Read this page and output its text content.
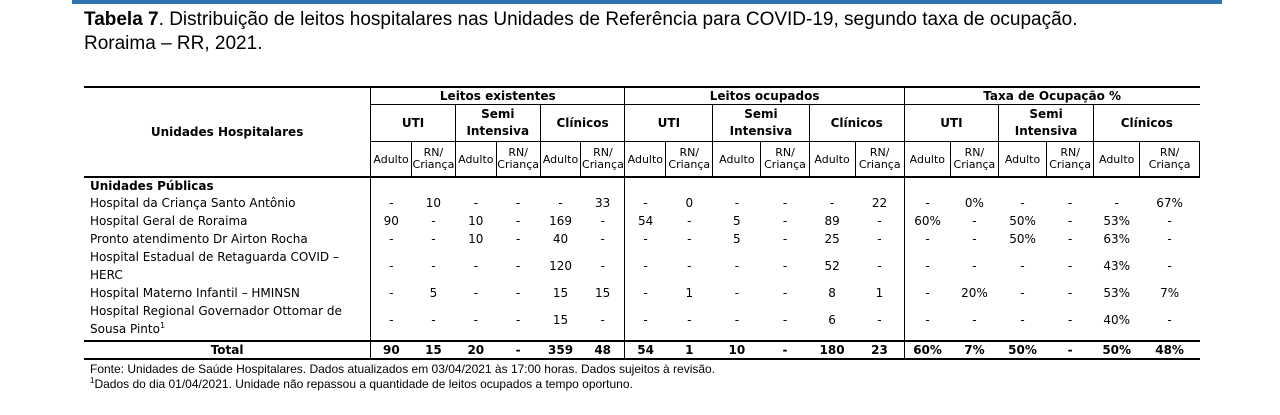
Tabela 7. Distribuição de leitos hospitalares nas Unidades de Referência para COVID-19, segundo taxa de ocupação.
Roraima – RR, 2021.
Unidades Hospitalares	Leitos existentes						Leitos ocupados						Taxa de Ocupação %					
	UTI		Semi Intensiva		Clínicos		UTI		Semi Intensiva		Clínicos		UTI		Semi Intensiva		Clínicos	
	Adulto	RN/ Criança	Adulto	RN/ Criança	Adulto	RN/ Criança	Adulto	RN/ Criança	Adulto	RN/ Criança	Adulto	RN/ Criança	Adulto	RN/ Criança	Adulto	RN/ Criança	Adulto	RN/ Criança
Unidades Públicas																		
Hospital da Criança Santo Antônio	-	10	-	-	-	33	-	0	-	-	-	22	-	0%	-	-	-	67%
Hospital Geral de Roraima	90	-	10	-	169	-	54	-	5	-	89	-	60%	-	50%	-	53%	-
Pronto atendimento Dr Airton Rocha	-	-	10	-	40	-	-	-	5	-	25	-	-	-	50%	-	63%	-
Hospital Estadual de Retaguarda COVID –
HERC	-	-	-	-	120	-	-	-	-	-	52	-	-	-	-	-	43%	-
Hospital Materno Infantil – HMINSN	-	5	-	-	15	15	-	1	-	-	8	1	-	20%	-	-	53%	7%
Hospital Regional Governador Ottomar de
Sousa Pinto$^1$	-	-	-	-	15	-	-	-	-	-	6	-	-	-	-	-	40%	-
Total	90	15	20	-	359	48	54	1	10	-	180	23	60%	7%	50%	-	50%	48%
Fonte: Unidades de Saúde Hospitalares. Dados atualizados em 03/04/2021 às 17:00 horas. Dados sujeitos à revisão.
$^1$Dados do dia 01/04/2021. Unidade não repassou a quantidade de leitos ocupados a tempo oportuno.
